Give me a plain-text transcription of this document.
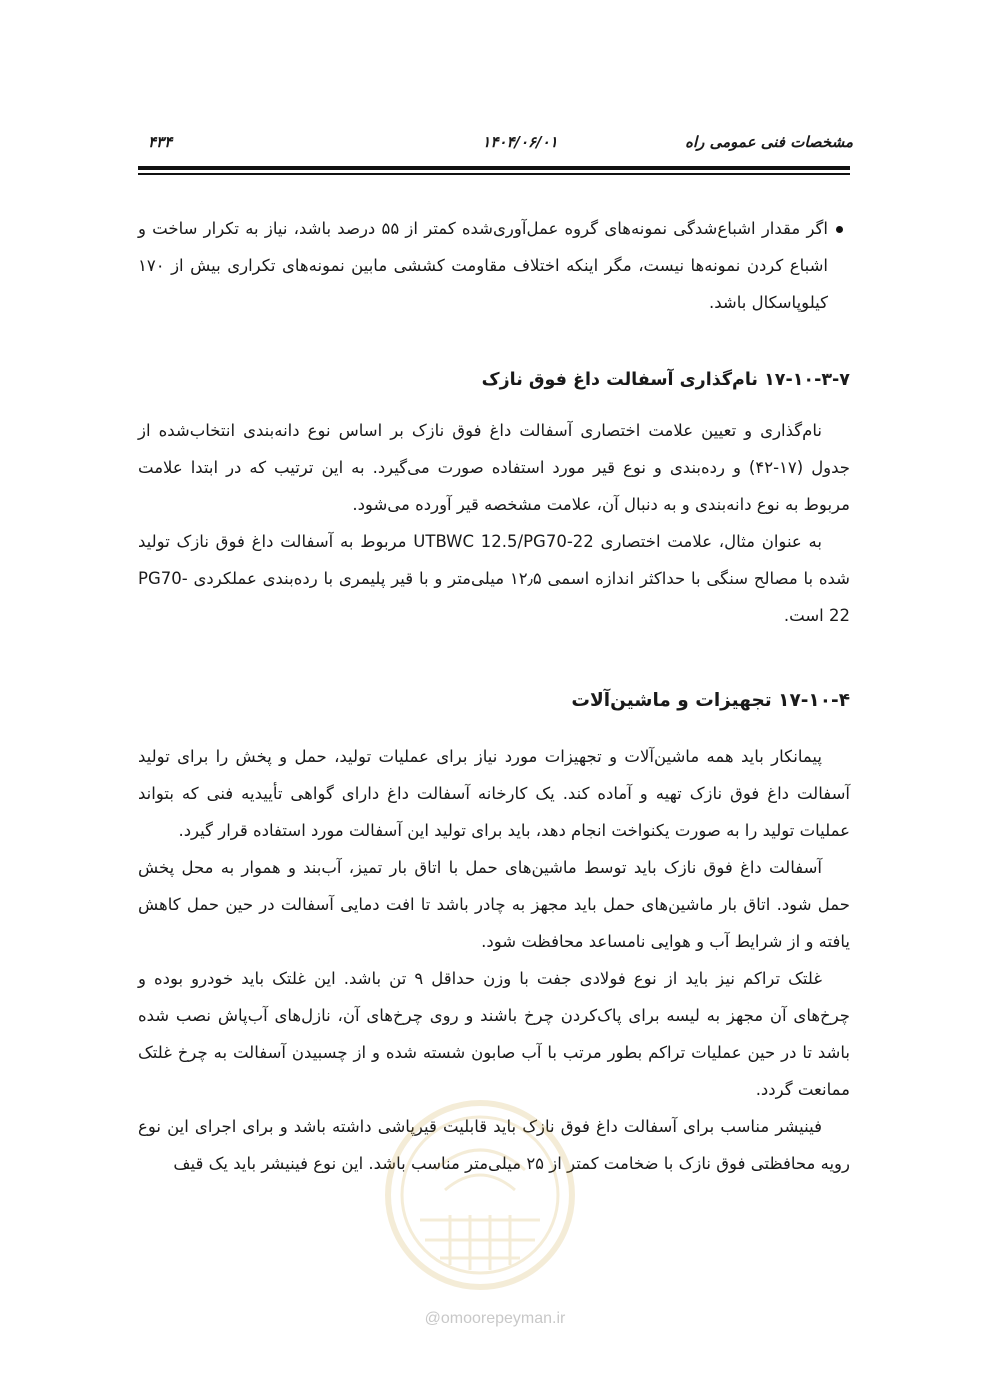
۴۳۴	۱۴۰۴/۰۶/۰۱	مشخصات فنی عمومی راه
اگر مقدار اشباع‌شدگی نمونه‌های گروه عمل‌آوری‌شده کمتر از ۵۵ درصد باشد، نیاز به تکرار ساخت و اشباع کردن نمونه‌ها نیست، مگر اینکه اختلاف مقاومت کششی مابین نمونه‌های تکراری بیش از ۱۷۰ کیلوپاسکال باشد.
۱۷-۱۰-۳-۷ نام‌گذاری آسفالت داغ فوق نازک

نام‌گذاری و تعیین علامت اختصاری آسفالت داغ فوق نازک بر اساس نوع دانه‌بندی انتخاب‌شده از جدول (۱۷-۴۲) و رده‌بندی و نوع قیر مورد استفاده صورت می‌گیرد. به این ترتیب که در ابتدا علامت مربوط به نوع دانه‌بندی و به دنبال آن، علامت مشخصه قیر آورده می‌شود.

به عنوان مثال، علامت اختصاری UTBWC 12.5/PG70-22 مربوط به آسفالت داغ فوق نازک تولید شده با مصالح سنگی با حداکثر اندازه اسمی ۱۲٫۵ میلی‌متر و با قیر پلیمری با رده‌بندی عملکردی PG70-22 است.

۱۷-۱۰-۴ تجهیزات و ماشین‌آلات

پیمانکار باید همه ماشین‌آلات و تجهیزات مورد نیاز برای عملیات تولید، حمل و پخش را برای تولید آسفالت داغ فوق نازک تهیه و آماده کند. یک کارخانه آسفالت داغ دارای گواهی تأییدیه فنی که بتواند عملیات تولید را به صورت یکنواخت انجام دهد، باید برای تولید این آسفالت مورد استفاده قرار گیرد.

آسفالت داغ فوق نازک باید توسط ماشین‌های حمل با اتاق بار تمیز، آب‌بند و هموار به محل پخش حمل شود. اتاق بار ماشین‌های حمل باید مجهز به چادر باشد تا افت دمایی آسفالت در حین حمل کاهش یافته و از شرایط آب و هوایی نامساعد محافظت شود.

غلتک تراکم نیز باید از نوع فولادی جفت با وزن حداقل ۹ تن باشد. این غلتک باید خودرو بوده و چرخ‌های آن مجهز به لیسه برای پاک‌کردن چرخ باشند و روی چرخ‌های آن، نازل‌های آب‌پاش نصب شده باشد تا در حین عملیات تراکم بطور مرتب با آب صابون شسته شده و از چسبیدن آسفالت به چرخ غلتک ممانعت گردد.

فینیشر مناسب برای آسفالت داغ فوق نازک باید قابلیت قیرپاشی داشته باشد و برای اجرای این نوع رویه محافظتی فوق نازک با ضخامت کمتر از ۲۵ میلی‌متر مناسب باشد. این نوع فینیشر باید یک قیف

@omoorepeyman.ir
